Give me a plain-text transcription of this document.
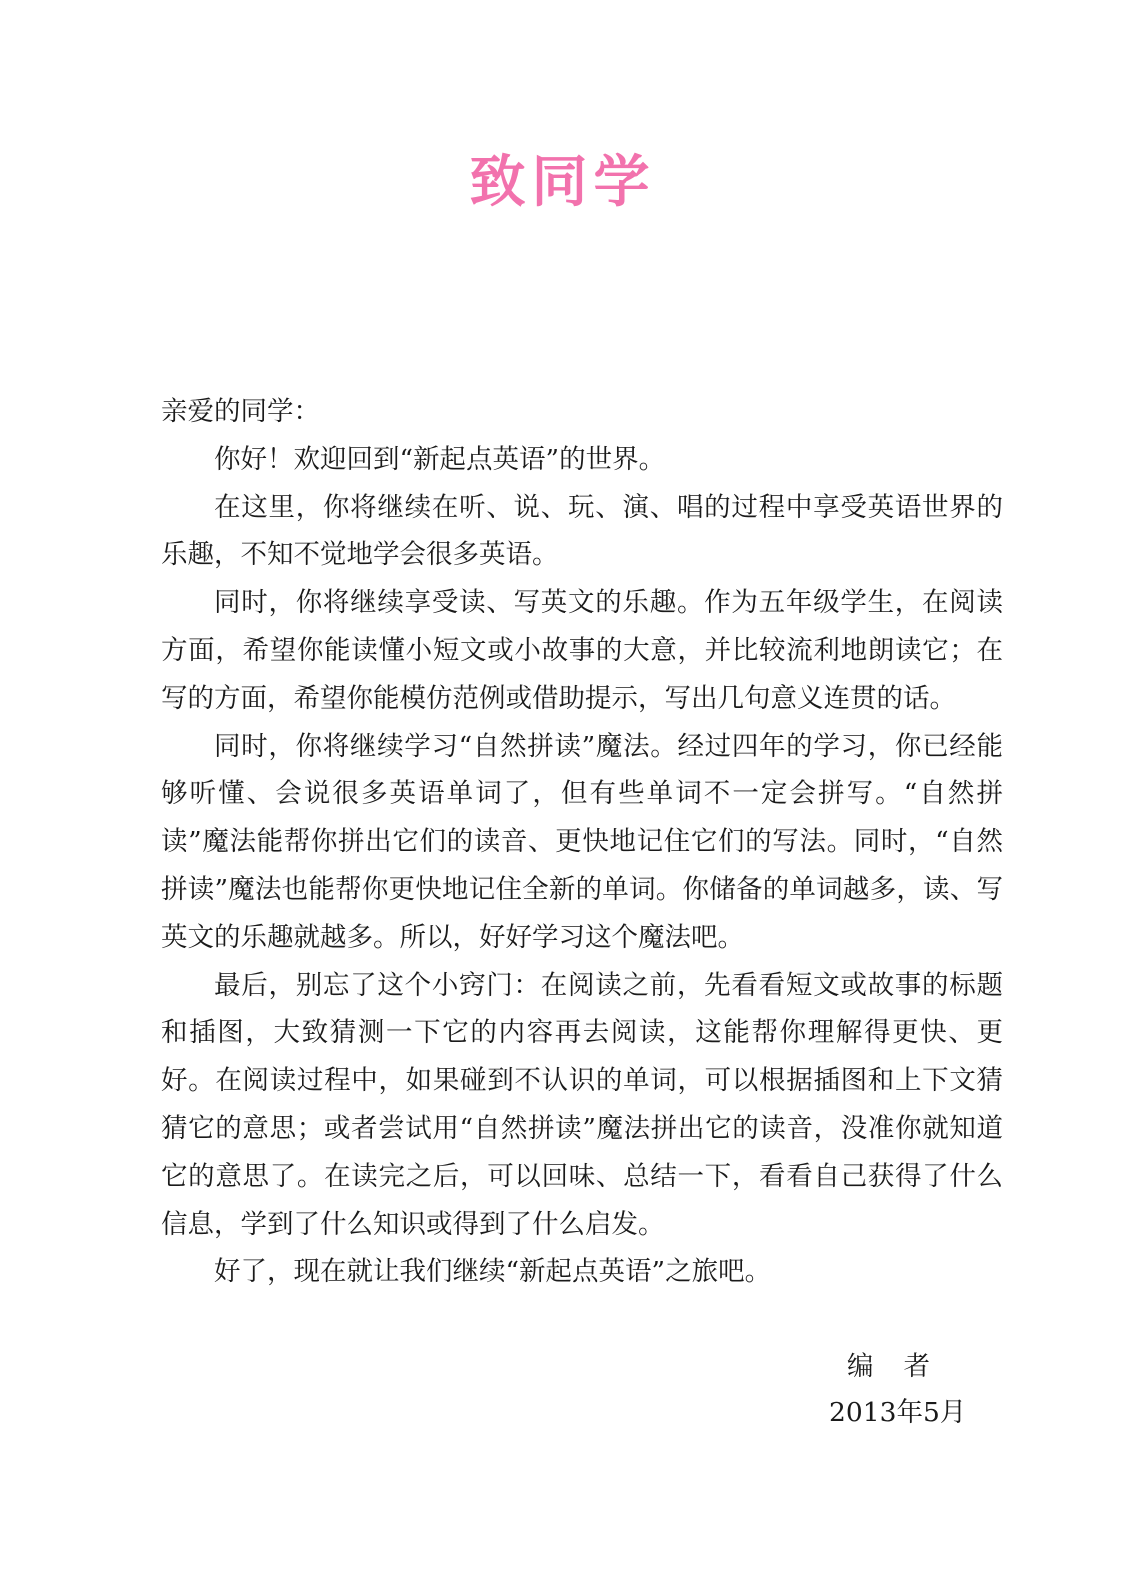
致同学

亲爱的同学：

你好！欢迎回到“新起点英语”的世界。

在这里，你将继续在听、说、玩、演、唱的过程中享受英语世界的乐趣，不知不觉地学会很多英语。

同时，你将继续享受读、写英文的乐趣。作为五年级学生，在阅读方面，希望你能读懂小短文或小故事的大意，并比较流利地朗读它；在写的方面，希望你能模仿范例或借助提示，写出几句意义连贯的话。

同时，你将继续学习“自然拼读”魔法。经过四年的学习，你已经能够听懂、会说很多英语单词了，但有些单词不一定会拼写。“自然拼读”魔法能帮你拼出它们的读音、更快地记住它们的写法。同时，“自然拼读”魔法也能帮你更快地记住全新的单词。你储备的单词越多，读、写英文的乐趣就越多。所以，好好学习这个魔法吧。

最后，别忘了这个小窍门：在阅读之前，先看看短文或故事的标题和插图，大致猜测一下它的内容再去阅读，这能帮你理解得更快、更好。在阅读过程中，如果碰到不认识的单词，可以根据插图和上下文猜猜它的意思；或者尝试用“自然拼读”魔法拼出它的读音，没准你就知道它的意思了。在读完之后，可以回味、总结一下，看看自己获得了什么信息，学到了什么知识或得到了什么启发。

好了，现在就让我们继续“新起点英语”之旅吧。

编者
2013年5月
